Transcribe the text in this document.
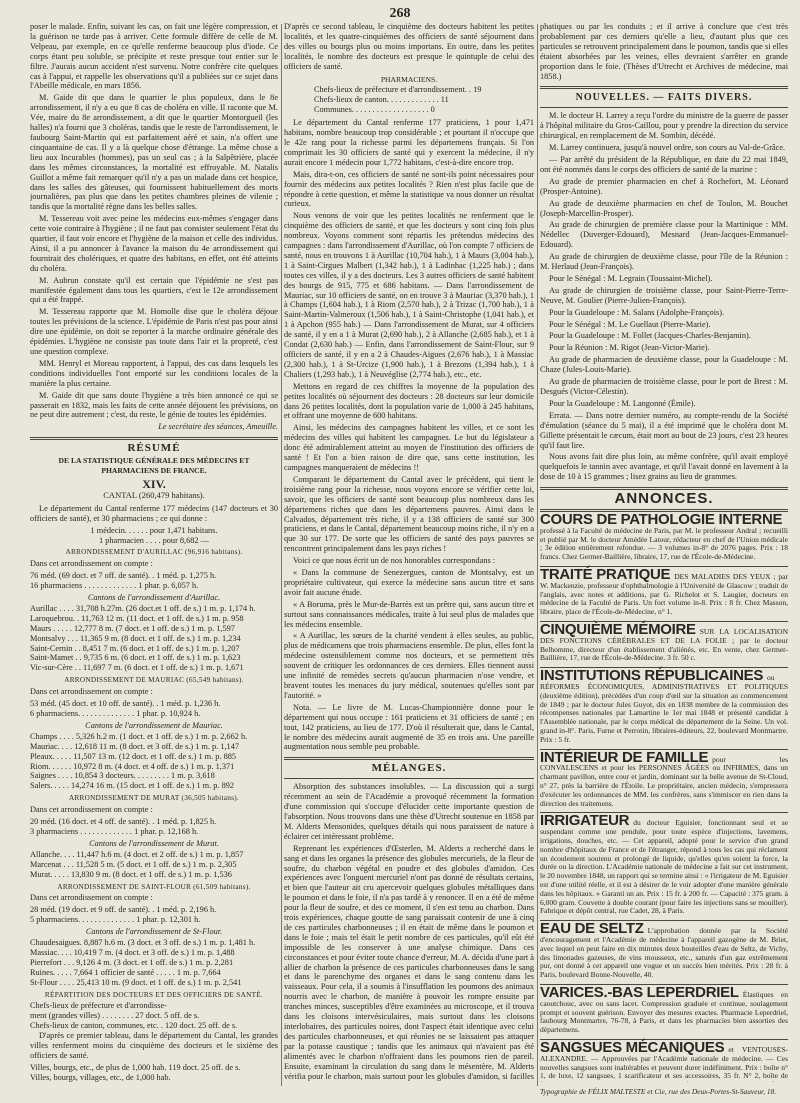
268

poser le malade. Enfin, suivant les cas, on fait une légère compression, et la guérison ne tarde pas à arriver. Cette formule diffère de celle de M. Velpeau, par exemple, en ce qu'elle renferme beaucoup plus d'iode. Ce corps étant peu soluble, se précipite et reste presque tout entier sur le filtre. J'aurais aucun accident n'est survenu. Notre confrère cite quelques cas à l'appui, et rappelle les observations qu'il a publiées sur ce sujet dans l'Abeille médicale, en mars 1856.

M. Gaide dit que dans le quartier le plus populeux, dans le 8e arrondissement, il n'y a eu que 8 cas de choléra en ville. Il raconte que M. Vée, maire du 8e arrondissement, a dit que le quartier Montorgueil (les halles) n'a fourni que 3 choléras, tandis que le reste de l'arrondissement, le faubourg Saint-Martin qui est parfaitement aéré et sain, n'a offert une cinquantaine de cas. Il y a là quelque chose d'étrange. La même chose a lieu aux Incurables (hommes), pas un seul cas ; à la Salpêtrière, placée dans les mêmes circonstances, la mortalité est effroyable. M. Natalis Guillot a même fait remarquer qu'il n'y a pas un malade dans cet hospice, dans les salles des gâteuses, qui fournissent habituellement des morts journalières, pas plus que dans les petites chambres pleines de vilenie ; tandis que la mortalité règne dans les belles salles.

M. Tessereau voit avec peine les médecins eux-mêmes s'engager dans cette voie contraire à l'hygiène ; il ne faut pas consister seulement l'état du quartier, il faut voir encore et l'hygiène de la maison et celle des individus. Ainsi, il a pu annoncer à l'avance la maison du 4e arrondissement qui fournirait des cholériques, et quatre des habitans, en effet, ont été atteints du choléra.

M. Aubrun constate qu'il est certain que l'épidémie ne s'est pas manifestée également dans tous les quartiers, c'est le 12e arrondissement qui a été frappé.

M. Tessereau rapporte que M. Homolle dise que le choléra déjoue toutes les prévisions de la science. L'épidémie de Paris n'est pas pour ainsi dire une épidémie, on doit se reporter à la marche ordinaire générale des épidémies. L'hygiène ne consiste pas toute dans l'air et la propreté, c'est une question complexe.

MM. Henryl et Moreau rapportent, à l'appui, des cas dans lesquels les conditions individuelles l'ont emporté sur les conditions locales de la manière la plus certaine.

M. Gaide dit que sans doute l'hygiène a très bien annoncé ce qui se passerait en 1832, mais les faits de cette année déjouent les prévisions, on ne peut dire autrement ; c'est, du reste, le génie de toutes les épidémies.

Le secrétaire des séances, Ameuille.
RÉSUMÉ
DE LA STATISTIQUE GÉNÉRALE DES MÉDECINS ET PHARMACIENS DE FRANCE.
XIV.
CANTAL (260,479 habitans).

Le département du Cantal renferme 177 médecins (147 docteurs et 30 officiers de santé), et 30 pharmaciens ; ce qui donne :

1 médecin. . . . . . pour 1,471 habitans.

1 pharmacien . . . . pour 8,682 —

ARRONDISSEMENT D'AURILLAC (96,916 habitans).

Dans cet arrondissement on compte :

76 méd. (69 doct. et 7 off. de santé). . 1 méd. p. 1,275 h.

16 pharmaciens . . . . . . . . . . . . . 1 phar. p. 6,057 h.

Cantons de l'arrondissement d'Aurillac.

Aurillac . . . . 31,708 h.27m. (26 doct.et 1 off. de s.) 1 m. p. 1,174 h.

Laroquebrou. . 11,763 12 m. (11 doct. et 1 off. de s.) 1 m. p. 958

Maurs . . . . . 12,777 8 m. (7 doct. et 1 off. de s.) 1 m. p. 1,597

Montsalvy . . . 11,365 9 m. (8 doct. et 1 off. de s.) 1 m. p. 1,234

Saint-Cernin . . 8,451 7 m. (6 doct. et 1 off. de s.) 1 m. p. 1,207

Saint-Mamet . . 9,735 6 m. (6 doct. et 1 off. de s.) 1 m. p. 1,623

Vic-sur-Cère . . 11,697 7 m. (6 doct. et 1 off. de s.) 1 m. p. 1,671

ARRONDISSEMENT DE MAURIAC (65,549 habitans).

Dans cet arrondissement on compte :

53 méd. (45 doct. et 10 off. de santé). . 1 méd. p. 1,236 h.

6 pharmaciens. . . . . . . . . . . . . . 1 phar. p. 10,924 h.

Cantons de l'arrondissement de Mauriac.

Champs . . . . 5,326 h.2 m. (1 doct. et 1 off. de s.) 1 m. p. 2,662 h.

Mauriac. . . . 12,618 11 m. (8 doct. et 3 off. de s.) 1 m. p. 1,147

Pleaux. . . . . 11,507 13 m. (12 doct. et 1 off. de s.) 1 m. p. 885

Riom. . . . . . 10,972 8 m. (4 doct. et 4 off. de s.) 1 m. p. 1,371

Saignes . . . . 10,854 3 docteurs. . . . . . . . . 1 m. p. 3,618

Salers. . . . . 14,274 16 m. (15 doct. et 1 off. de s.) 1 m. p. 892

ARRONDISSEMENT DE MURAT (36,505 habitans).

Dans cet arrondissement on compte :

20 méd. (16 doct. et 4 off. de santé). . 1 méd. p. 1,825 h.

3 pharmaciens . . . . . . . . . . . . . 1 phar. p. 12,168 h.

Cantons de l'arrondissement de Murat.

Allanche. . . . 11,447 h.6 m. (4 doct. et 2 off. de s.) 1 m. p. 1,857

Marcenat . . . 11,528 5 m. (5 doct. et 1 off. de s.) 1 m. p. 2,305

Murat. . . . . 13,830 9 m. (8 doct. et 1 off. de s.) 1 m. p. 1,536

ARRONDISSEMENT DE SAINT-FLOUR (61,509 habitans).

Dans cet arrondissement on compte :

28 méd. (19 doct. et 9 off. de santé). . 1 méd. p. 2,196 h.

5 pharmaciens. . . . . . . . . . . . . . 1 phar. p. 12,301 h.

Cantons de l'arrondissement de St-Flour.

Chaudesaigues. 8,887 h.6 m. (3 doct. et 3 off. de s.) 1 m. p. 1,481 h.

Massiac. . . . 10,419 7 m. (4 doct. et 3 off. de s.) 1 m. p. 1,488

Pierrefort . . . 9,126 4 m. (3 doct. et 1 off. de s.) 1 m. p. 2,281

Ruines. . . . . 7,664 1 officier de santé . . . . . 1 m. p. 7,664

St-Flour . . . . 25,413 10 m. (9 doct. et 1 off. de s.) 1 m. p. 2,541

RÉPARTITION DES DOCTEURS ET DES OFFICIERS DE SANTÉ.

Chefs-lieux de préfecture et d'arrondisse-

ment (grandes villes) . . . . . . . . 27 doct. 5 off. de s.

Chefs-lieux de canton, communes, etc. . 120 doct. 25 off. de s.

D'après ce premier tableau, dans le département du Cantal, les grandes villes renferment moins du cinquième des docteurs et le sixième des officiers de santé.

Villes, bourgs, etc., de plus de 1,000 hab. 119 doct. 25 off. de s.

Villes, bourgs, villages, etc., de 1,000 hab.

D'après ce second tableau, le cinquième des docteurs habitent les petites localités, et les quatre-cinquièmes des officiers de santé séjournent dans des villes ou bourgs plus ou moins importans. En outre, dans les petites localités, le nombre des docteurs est presque le quintuple de celui des officiers de santé.

PHARMACIENS.

Chefs-lieux de préfecture et d'arrondissement. . 19

Chefs-lieux de canton. . . . . . . . . . . . . 11

Communes. . . . . . . . . . . . . . . . . . . 0

Le département du Cantal renferme 177 praticiens, 1 pour 1,471 habitans, nombre beaucoup trop considérable ; et pourtant il n'occupe que le 42e rang pour la richesse parmi les départemens français. Si l'on comprimait les 30 officiers de santé qui y exercent la médecine, il n'y aurait encore 1 médecin pour 1,772 habitans, c'est-à-dire encore trop.

Mais, dira-t-on, ces officiers de santé ne sont-ils point nécessaires pour fournir des médecins aux petites localités ? Rien n'est plus facile que de répondre à cette question, et même la statistique va nous donner un résultat curieux.

Nous venons de voir que les petites localités ne renferment que le cinquième des officiers de santé, et que les docteurs y sont cinq fois plus nombreux. Voyons comment sont répartis les prétendus médecins des campagnes : dans l'arrondissement d'Aurillac, où l'on compte 7 officiers de santé, nous en trouvons 1 à Aurillac (10,704 hab.), 1 à Maurs (3,004 hab.), 1 à Saint-Cirgues Malbert (1,342 hab.), 1 à Ladinhac (1,225 hab.) ; dans toutes ces villes, il y a des docteurs. Les 3 autres officiers de santé habitent des bourgs de 915, 775 et 686 habitans. — Dans l'arrondissement de Mauriac, sur 10 officiers de santé, on en trouve 3 à Mauriac (3,370 hab.), 1 à Champs (1,604 hab.), 1 à Riom (2,570 hab.), 2 à Trizac (1,700 hab.), 1 à Saint-Martin-Valmeroux (1,506 hab.), 1 à Saint-Christophe (1,041 hab.), et 1 à Apchon (955 hab.) — Dans l'arrondissement de Murat, sur 4 officiers de santé, il y en a 1 à Murat (2,690 hab.), 2 à Allanche (2,685 hab.), et 1 à Condat (2,630 hab.) — Enfin, dans l'arrondissement de Saint-Flour, sur 9 officiers de santé, il y en a 2 à Chaudes-Aigues (2,676 hab.), 1 à Massiac (2,300 hab.), 1 à St-Urcize (1,900 hab.), 1 à Brezons (1,394 hab.), 1 à Chaliers (1,293 hab.), 1 à Neuvéglise (2,774 hab.), etc., etc.

Mettons en regard de ces chiffres la moyenne de la population des petites localités où séjournent des docteurs : 28 docteurs sur leur domicile dans 26 petites localités, dont la population varie de 1,000 à 245 habitans, et offrant une moyenne de 600 habitans.

Ainsi, les médecins des campagnes habitent les villes, et ce sont les médecins des villes qui habitent les campagnes. Le but du législateur a donc été admirablement atteint au moyen de l'institution des officiers de santé ! Et l'on a bien raison de dire que, sans cette institution, les campagnes manqueraient de médecins !!

Comparant le département du Cantal avec le précédent, qui tient le troisième rang pour la richesse, nous voyons encore se vérifier cette loi, savoir, que les officiers de santé sont beaucoup plus nombreux dans les départemens riches que dans les départemens pauvres. Ainsi dans le Calvados, département très riche, il y a 138 officiers de santé sur 300 praticiens, et dans le Cantal, département beaucoup moins riche, il n'y en a que 30 sur 177. De sorte que les officiers de santé des pays pauvres se rencontrent principalement dans les pays riches !

Voici ce que nous écrit un de nos honorables correspondans :

« Dans la commune de Senezergues, canton de Montsalvy, est un propriétaire cultivateur, qui exerce la médecine sans aucun titre et sans avoir fait aucune étude.

« A Boruma, près le Mur-de-Barrès est un prêtre qui, sans aucun titre et surtout sans connaissances médicales, traite à lui seul plus de malades que les médecins ensemble.

« A Aurillac, les sœurs de la charité vendent à elles seules, au public, plus de médicamens que trois pharmaciens ensemble. De plus, elles font la médecine ostensiblement comme nos docteurs, et se permettent très souvent de critiquer les ordonnances de ces derniers. Elles tiennent aussi une infinité de remèdes secrets qu'aucun pharmacien n'ose vendre, et bravent toutes les menaces du jury médical, soutenues qu'elles sont par l'autorité. »

Nota. — Le livre de M. Lucas-Championnière donne pour le département qui nous occupe : 161 praticiens et 31 officiers de santé ; en tout, 142 praticiens, au lieu de 177. D'où il résulterait que, dans le Cantal, le nombre des médecins aurait augmenté de 35 en trois ans. Une pareille augmentation nous semble peu probable.

MÉLANGES.

Absorption des substances insolubles. — La discussion qui a surgi récemment au sein de l'Académie a provoqué récemment la formation d'une commission qui s'occupe d'élucider cette importante question de l'absorption. Nous trouvons dans une thèse d'Utrecht soutenue en 1858 par M. Alderts Mensonides, quelques détails qui nous paraissent de nature à éclairer cet intéressant problème.

Reprenant les expériences d'Œsterlen, M. Alderts a recherché dans le sang et dans les organes la présence des globules mercuriels, de la fleur de soufre, du charbon végétal en poudre et des globules d'amidon. Ces expériences avec l'onguent mercuriel n'ont pas donné de résultats certains, et bien que l'auteur ait cru apercevoir quelques globules métalliques dans le poumon et dans le foie, il n'a pas tardé à y renoncer. Il en a été de même pour la fleur de soufre, et des ce moment, il s'en est tenu au charbon. Dans trois expériences, chaque goutte de sang paraissait contenir de une à cinq de ces particules charbonneuses ; il en était de même dans le poumon et dans le foie ; mais tel était le petit nombre de ces particules, qu'il eût été impossible de les conserver à une analyse chimique. Dans ces circonstances et pour éviter toute chance d'erreur, M. A. décida d'une part à allier de charbon la présence de ces particules charbonneuses dans le sang et dans le parenchyme des organes et dans le sang contenu dans les vaisseaux. Pour cela, il a soumis à l'insufflation les poumons des animaux nourris avec le charbon, de manière à pouvoir les rompre ensuite par tranches minces, susceptibles d'être examinées au microscope, et il trouva dans les cloisons intervésiculaires, mais surtout dans les cloisons interlobaires, des particules noires, dont l'aspect était identique avec celui des particules charbonneuses, et qui réunies ne se laissaient pas attaquer par la potasse caustique ; tandis que les animaux qui n'avaient pas été alimentés avec le charbon n'offraient dans les poumons rien de pareil. Ensuite, examinant la circulation du sang dans le mésentère, M. Alderts vérifia pour le charbon, mais surtout pour les globules d'amidon, si facilles

phatiques ou par les conduits ; et il arrive à conclure que c'est très probablement par ces derniers qu'elle a lieu, d'autant plus que ces particules se retrouvent principalement dans le poumon, tandis que si elles étaient absorbées par les veines, elles devraient s'arrêter en grande proportion dans le foie. (Thèses d'Utrecht et Archives de médecine, mai 1858.)

NOUVELLES. — FAITS DIVERS.

M. le docteur H. Larrey a reçu l'ordre du ministre de la guerre de passer à l'hôpital militaire du Gros-Caillou, pour y prendre la direction du service chirurgical, en remplacement de M. Sombin, décédé.

M. Larrey continuera, jusqu'à nouvel ordre, son cours au Val-de-Grâce.

— Par arrêté du président de la République, en date du 22 mai 1849, ont été nommés dans le corps des officiers de santé de la marine :

Au grade de premier pharmacien en chef à Rochefort, M. Léonard (Prosper-Antoine).

Au grade de deuxième pharmacien en chef de Toulon, M. Bouchet (Joseph-Marcellin-Prosper).

Au grade de chirurgien de première classe pour la Martinique : MM. Nédellec (Duverger-Edouard), Mesnard (Jean-Jacques-Emmanuel-Edouard).

Au grade de chirurgien de deuxième classe, pour l'île de la Réunion : M. Herlaud (Jean-François).

Pour le Sénégal : M. Legrain (Toussaint-Michel).

Au grade de chirurgien de troisième classe, pour Saint-Pierre-Terre-Neuve, M. Goulier (Pierre-Julien-François).

Pour la Guadeloupe : M. Salans (Adolphe-François).

Pour le Sénégal : M. Le Guellaut (Pierre-Marie).

Pour la Guadeloupe : M. Follet (Jacques-Charles-Benjamin).

Pour la Réunion : M. Rigot (Jean-Victor-Marie).

Au grade de pharmacien de deuxième classe, pour la Guadeloupe : M. Chaze (Jules-Louis-Marie).

Au grade de pharmacien de troisième classe, pour le port de Brest : M. Desgués (Victor-Célestin).

Pour la Guadeloupe : M. Langonné (Émile).

Errata. — Dans notre dernier numéro, au compte-rendu de la Société d'émulation (séance du 5 mai), il a été imprimé que le choléra dont M. Gillette présentait le cæcum, était mort au bout de 23 jours, c'est 23 heures qu'il faut lire.

Nous avons fait dire plus loin, au même confrère, qu'il avait employé quelquefois le tannin avec avantage, et qu'il l'avait donné en lavement à la dose de 10 à 15 grammes ; lisez grains au lieu de grammes.

ANNONCES.
COURS DE PATHOLOGIE INTERNEprofessé à la Faculté de médecine de Paris, par M. le professeur Andral ; recueilli et publié par M. le docteur Amédée Latour, rédacteur en chef de l'Union médicale ; 3e édition entièrement refondue. — 3 volumes in-8° de 2076 pages. Prix : 18 francs. Chez Germer-Baillière, libraire, 17, rue de l'École-de-Médecine.
TRAITÉ PRATIQUE DES MALADIES DES YEUX ; par W. Mackenzie, professeur d'ophthalmologie à l'Université de Glascow ; traduit de l'anglais, avec notes et additions, par G. Richelot et S. Laugier, docteurs en médecine de la Faculté de Paris. Un fort volume in-8. Prix : 8 fr. Chez Masson, libraire, place de l'École-de-Médecine, n° 1.
CINQUIÈME MÉMOIRE SUR LA LOCALISATION DES FONCTIONS CÉRÉBRALES ET DE LA FOLIE ; par le docteur Belhomme, directeur d'un établissement d'aliénés, etc. En vente, chez Germer-Baillière, 17, rue de l'École-de-Médecine. 3 fr. 50 c.
INSTITUTIONS RÉPUBLICAINES ou RÉFORMES ÉCONOMIQUES, ADMINISTRATIVES ET POLITIQUES (deuxième édition), précédées d'un coup d'œil sur la situation au commencement de 1849 ; par le docteur Jules Guyot, dix en 1838 membre de la commission des récompenses nationales par Lamartine le 1er mai 1848 et présenté candidat à l'Assemblée nationale, par le corps médical du département de la Seine. Un vol. grand in-8°. Paris, Furne et Perrotin, libraires-éditeurs, 22, boulevard Montmartre. Prix : 5 fr.
INTÉRIEUR DE FAMILLE pour les CONVALESCENS et pour les PERSONNES ÂGÉES ou INFIRMES, dans un charmant pavillon, entre cour et jardin, dominant sur la belle avenue de St-Cloud, n° 27, près la barrière de l'Étoile. Le propriétaire, ancien médecin, s'empressera d'exécuter les ordonnances de MM. les confrères, sans s'immiscer en rien dans la direction des traitemens.
IRRIGATEUR du docteur Eguisier, fonctionnant seul et se suspendant comme une pendule, pour toute espèce d'injections, lavemens, irrigations, douches, etc. — Cet appareil, adopté pour le service d'un grand nombre d'hôpitaux de France et de l'étranger, répond à tous les cas qui réclament un écoulement soutenu et prolongé de liquide, qu'elles qu'en soient la force, la durée ou la direction. L'Académie nationale de médecine a fait sur cet instrument, le 20 novembre 1848, un rapport qui se termine ainsi : « l'irrigateur de M. Eguisier est d'une utilité réelle, et il est à désirer de le voir adopter d'une manière générale dans les hôpitaux. » Garanti un an. Prix : 15 fr. à 200 fr. — Capacité : 375 gram. à 6,000 gram. Couvette à double courant (pour faire les injections sans se mouiller). Fabrique et dépôt central, rue Cadet, 28, à Paris.
EAU DE SELTZ L'approbation donnée par la Société d'encouragement et l'Académie de médecine à l'appareil gazogène de M. Briet, avec lequel on peut faire en dix minutes deux bouteilles d'eau de Seltz, de Vichy, des limonades gazeuses, de vins mousseux, etc., saturés d'un gaz extrêmement pur, ont donné à cet appareil une vogue et un succès bien mérités. Prix : 28 fr. à Paris, boulevard Bonne-Nouvelle, 40.
VARICES.-BAS LEPERDRIEL Élastiques en caoutchouc, avec ou sans lacet. Compression graduée et continue, soulagement prompt et souvent guérison. Envoyer des mesures exactes. Pharmacie Leperdriel, faubourg Montmartre, 76-78, à Paris, et dans les pharmacies bien assorties des départemens.
SANGSUES MÉCANIQUES et VENTOUSES-ALEXANDRE. — Approuvées par l'Académie nationale de médecine. — Ces nouvelles sangsues sont inaltérables et peuvent durer indéfiniment. Prix : boîte n° 1, de luxe, 12 sangsues, 1 scarificateur et ses accessoires, 35 fr. N° 2, boîte de
Typographie de FÉLIX MALTESTE et Cie, rue des Deux-Portes-St-Sauveur, 18.
